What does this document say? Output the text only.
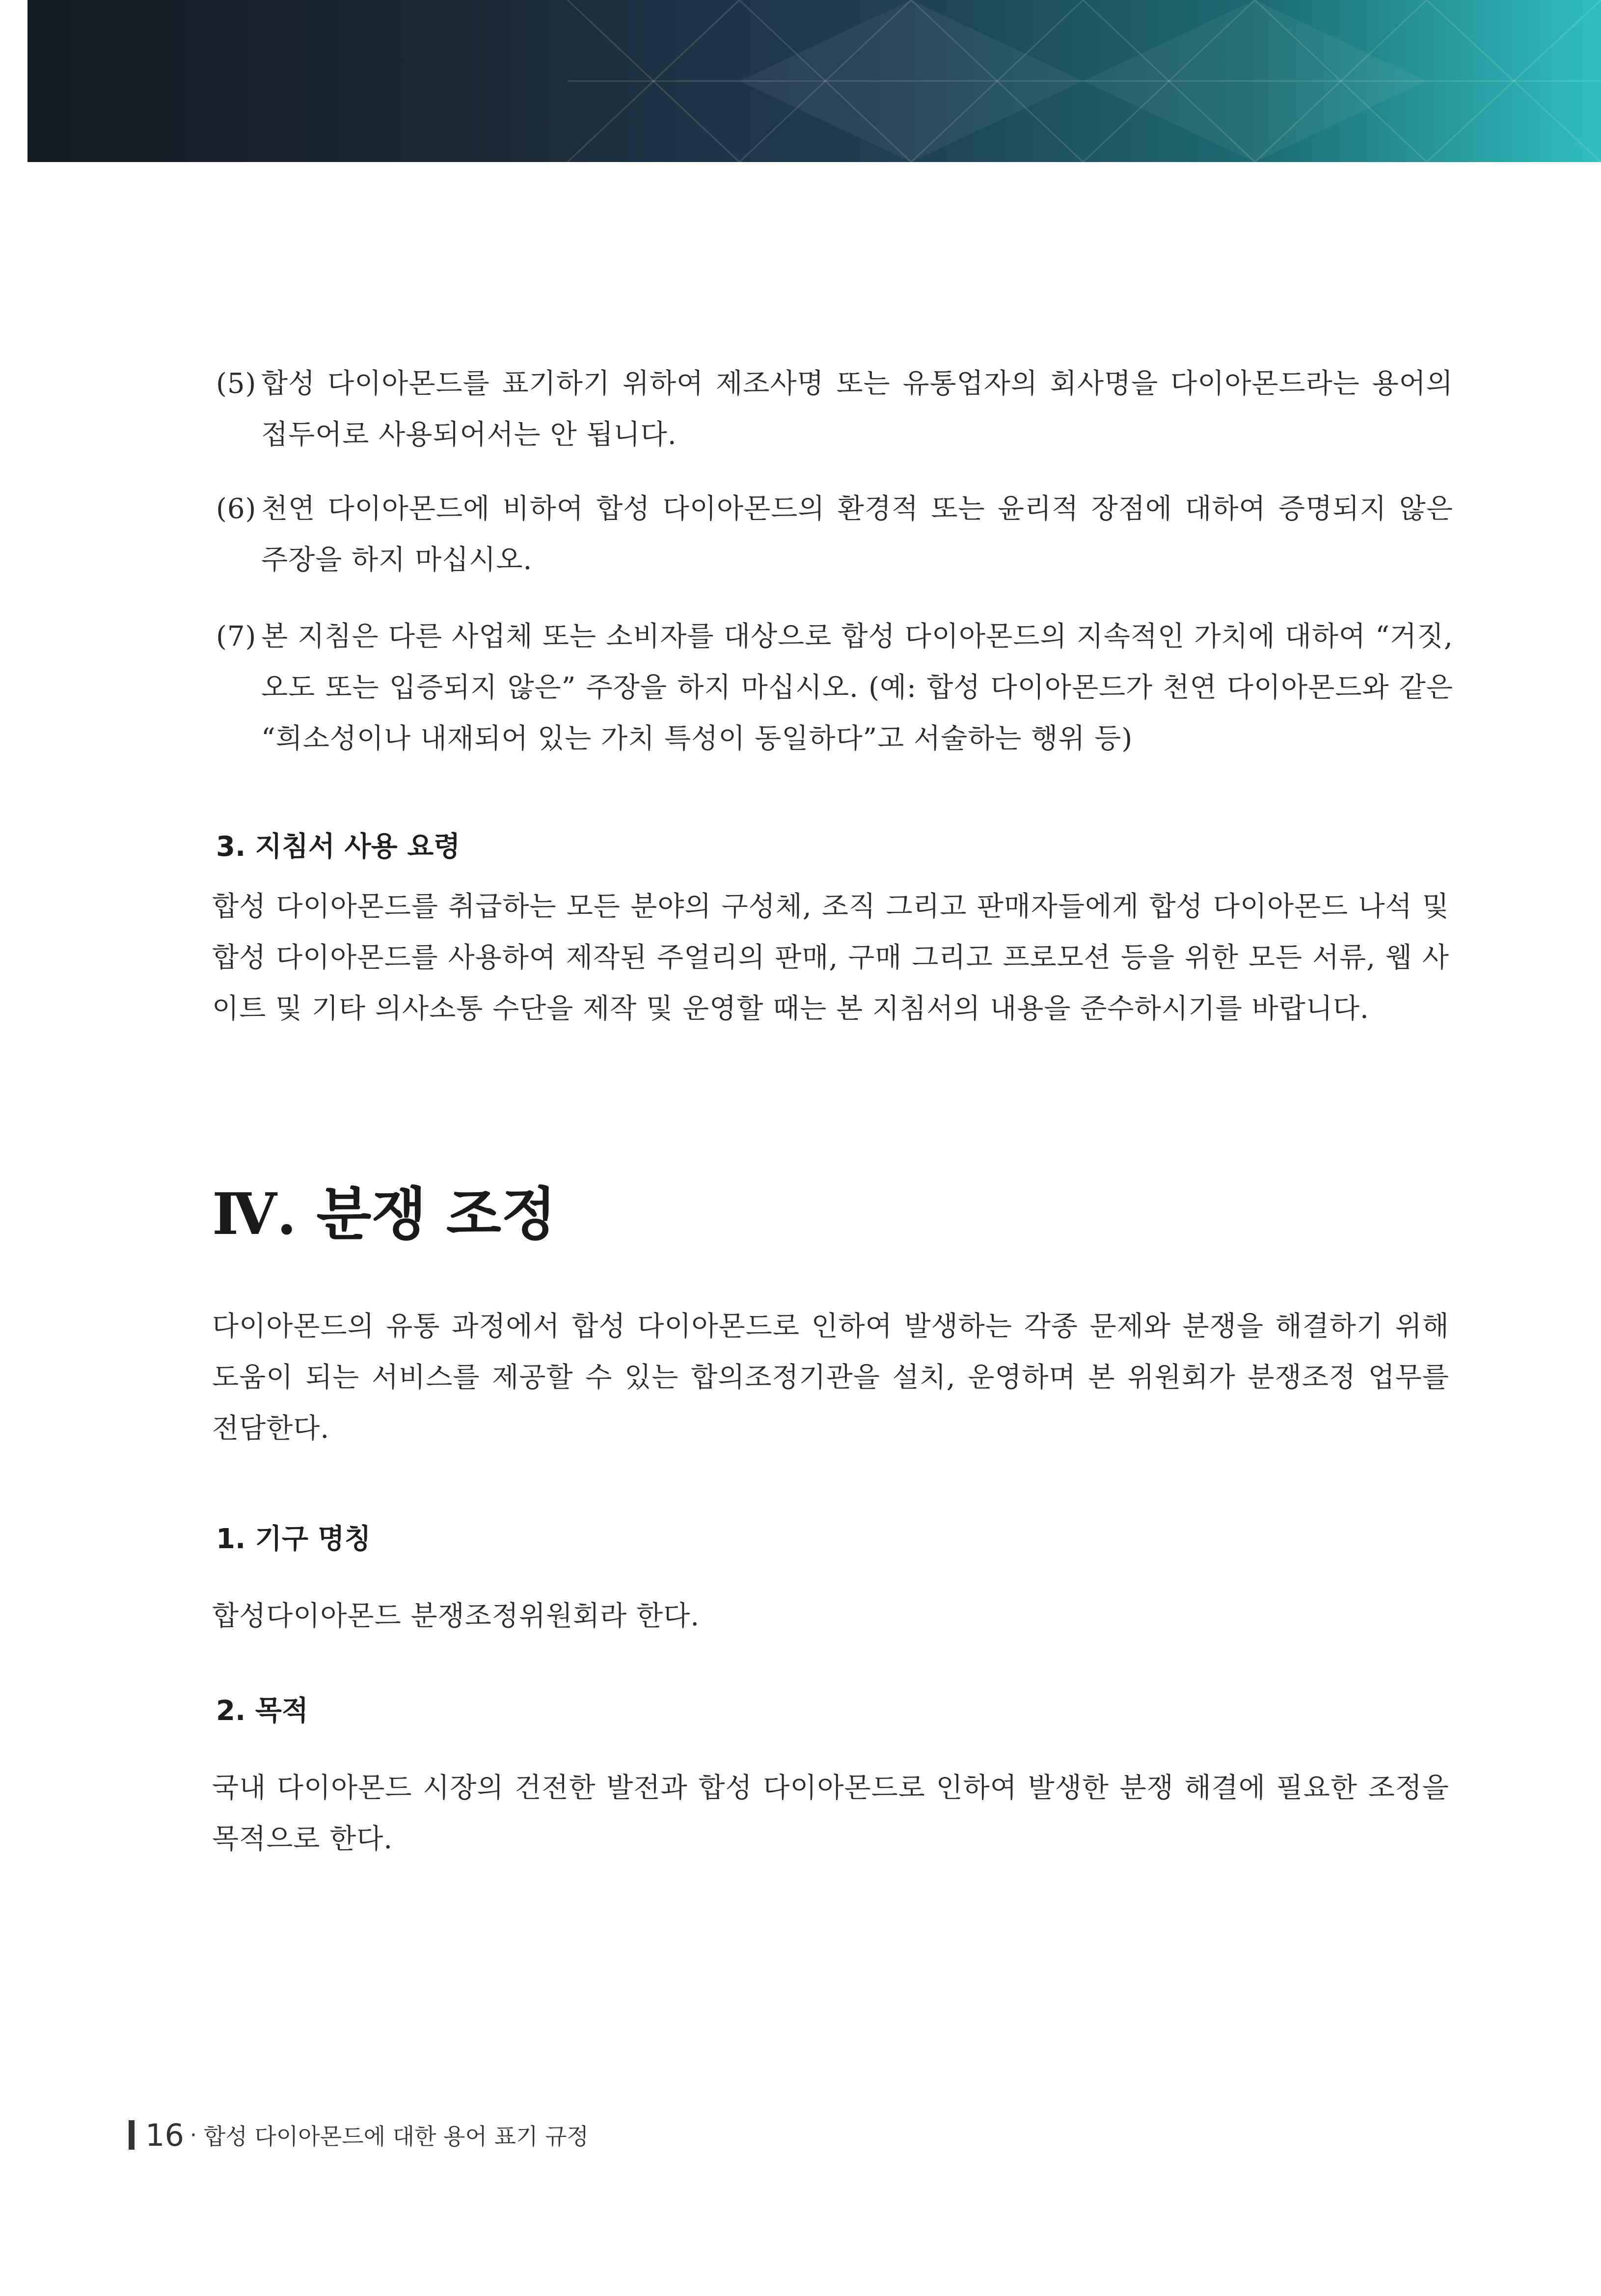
(5) 합성 다이아몬드를 표기하기 위하여 제조사명 또는 유통업자의 회사명을 다이아몬드라는 용어의 접두어로 사용되어서는 안 됩니다.
(6) 천연 다이아몬드에 비하여 합성 다이아몬드의 환경적 또는 윤리적 장점에 대하여 증명되지 않은 주장을 하지 마십시오.
(7) 본 지침은 다른 사업체 또는 소비자를 대상으로 합성 다이아몬드의 지속적인 가치에 대하여 “거짓, 오도 또는 입증되지 않은” 주장을 하지 마십시오. (예: 합성 다이아몬드가 천연 다이아몬드와 같은 “희소성이나 내재되어 있는 가치 특성이 동일하다”고 서술하는 행위 등)
3. 지침서 사용 요령
합성 다이아몬드를 취급하는 모든 분야의 구성체, 조직 그리고 판매자들에게 합성 다이아몬드 나석 및 합성 다이아몬드를 사용하여 제작된 주얼리의 판매, 구매 그리고 프로모션 등을 위한 모든 서류, 웹 사이트 및 기타 의사소통 수단을 제작 및 운영할 때는 본 지침서의 내용을 준수하시기를 바랍니다.
Ⅳ. 분쟁 조정
다이아몬드의 유통 과정에서 합성 다이아몬드로 인하여 발생하는 각종 문제와 분쟁을 해결하기 위해 도움이 되는 서비스를 제공할 수 있는 합의조정기관을 설치, 운영하며 본 위원회가 분쟁조정 업무를 전담한다.
1. 기구 명칭
합성다이아몬드 분쟁조정위원회라 한다.
2. 목적
국내 다이아몬드 시장의 건전한 발전과 합성 다이아몬드로 인하여 발생한 분쟁 해결에 필요한 조정을 목적으로 한다.
16 · 합성 다이아몬드에 대한 용어 표기 규정
